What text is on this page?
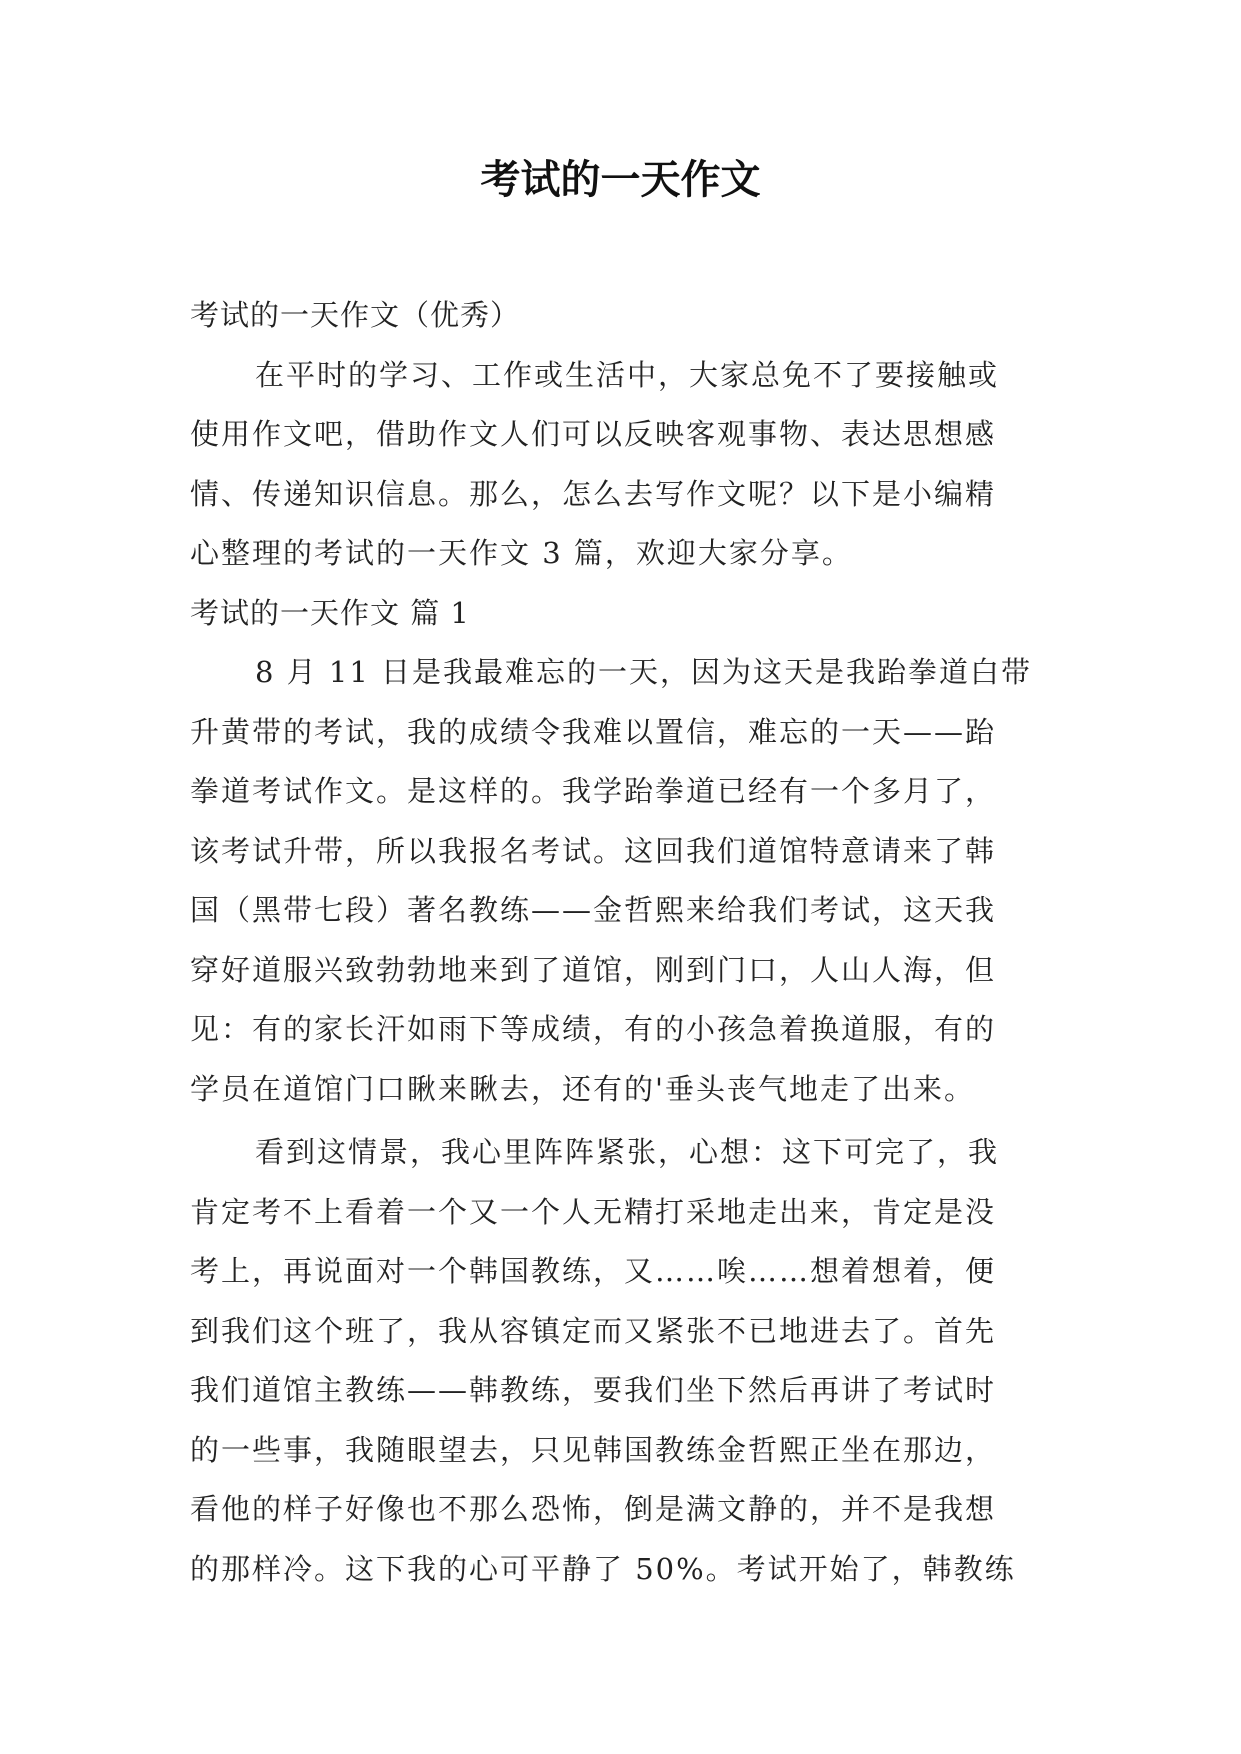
考试的一天作文
考试的一天作文（优秀）
在平时的学习、工作或生活中，大家总免不了要接触或
使用作文吧，借助作文人们可以反映客观事物、表达思想感
情、传递知识信息。那么，怎么去写作文呢？以下是小编精
心整理的考试的一天作文 3 篇，欢迎大家分享。
考试的一天作文 篇 1
8 月 11 日是我最难忘的一天，因为这天是我跆拳道白带
升黄带的考试，我的成绩令我难以置信，难忘的一天——跆
拳道考试作文。是这样的。我学跆拳道已经有一个多月了，
该考试升带，所以我报名考试。这回我们道馆特意请来了韩
国（黑带七段）著名教练——金哲熙来给我们考试，这天我
穿好道服兴致勃勃地来到了道馆，刚到门口，人山人海，但
见：有的家长汗如雨下等成绩，有的小孩急着换道服，有的
学员在道馆门口瞅来瞅去，还有的'垂头丧气地走了出来。
看到这情景，我心里阵阵紧张，心想：这下可完了，我
肯定考不上看着一个又一个人无精打采地走出来，肯定是没
考上，再说面对一个韩国教练，又……唉……想着想着，便
到我们这个班了，我从容镇定而又紧张不已地进去了。首先
我们道馆主教练——韩教练，要我们坐下然后再讲了考试时
的一些事，我随眼望去，只见韩国教练金哲熙正坐在那边，
看他的样子好像也不那么恐怖，倒是满文静的，并不是我想
的那样冷。这下我的心可平静了 50%。考试开始了，韩教练
